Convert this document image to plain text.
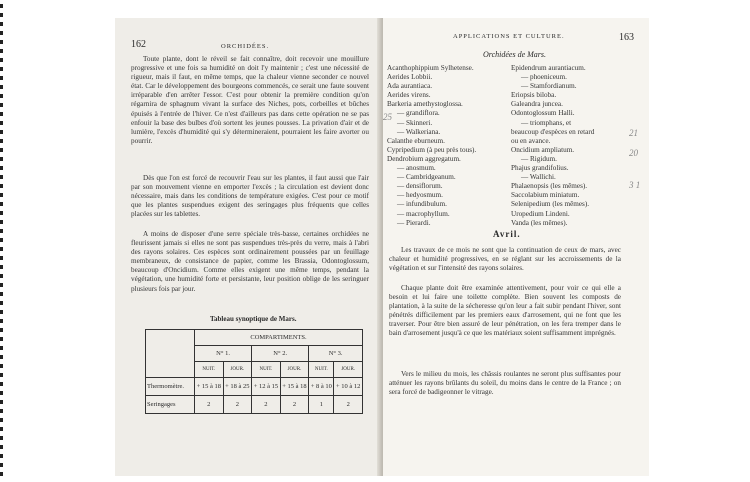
162	ORCHIDÉES.

Toute plante, dont le réveil se fait connaître, doit recevoir une mouillure progressive et une fois sa humidité on doit l'y maintenir ; c'est une nécessité de rigueur, mais il faut, en même temps, que la chaleur vienne seconder ce nouvel état. Car le développement des bourgeons commencés, ce serait une faute souvent irréparable d'en arrêter l'essor. C'est pour obtenir la première condition qu'on régarnira de sphagnum vivant la surface des Niches, pots, corbeilles et bûches épuisés à l'entrée de l'hiver. Ce n'est d'ailleurs pas dans cette opération ne se pas enfouir la base des bulbes d'où sortent les jeunes pousses. La privation d'air et de lumière, l'excès d'humidité qui s'y détermineraient, pourraient les faire avorter ou pourrir.

Dès que l'on est forcé de recouvrir l'eau sur les plantes, il faut aussi que l'air par son mouvement vienne en emporter l'excès ; la circulation est devient donc nécessaire, mais dans les conditions de température exigées. C'est pour ce motif que les plantes suspendues exigent des seringages plus fréquents que celles placées sur les tablettes.

A moins de disposer d'une serre spéciale très-basse, certaines orchidées ne fleurissent jamais si elles ne sont pas suspendues très-près du verre, mais à l'abri des rayons solaires. Ces espèces sont ordinairement poussées par un feuillage membraneux, de consistance de papier, comme les Brassia, Odontoglossum, beaucoup d'Oncidium. Comme elles exigent une même temps, pendant la végétation, une humidité forte et persistante, leur position oblige de les seringuer plusieurs fois par jour.

Tableau synoptique de Mars.
	COMPARTIMENTS.					
	N° 1.		N° 2.		N° 3.	
	NUIT.	JOUR.	NUIT.	JOUR.	NUIT.	JOUR.
Thermomètre.	+ 15 à 18	+ 18 à 25	+ 12 à 15	+ 15 à 18	+ 8 à 10	+ 10 à 12
Seringages	2	2	2	2	1	2
APPLICATIONS ET CULTURE.	163
Orchidées de Mars.
Acanthophippium Sylhetense.
Aerides Lobbii.
Ada aurantiaca.
Aerides virens.
Barkeria amethystoglossa.
— grandiflora.
— Skinneri.
— Walkeriana.
Calanthe eburneum.
Cypripedium (à peu près tous).
Dendrobium aggregatum.
— anosmum.
— Cambridgeanum.
— densiflorum.
— hedyosmum.
— infundibulum.
— macrophyllum.
— Pierardi.
Epidendrum aurantiacum.
— phoeniceum.
— Stamfordianum.
Eriopsis biloba.
Galeandra juncea.
Odontoglossum Halli.
— triomphans, et
beaucoup d'espèces en retard
ou en avance.
Oncidium ampliatum.
— Rigidum.
Phajus grandifolius.
— Wallichi.
Phalaenopsis (les mêmes).
Saccolabium miniatum.
Selenipedium (les mêmes).
Uropedium Lindeni.
Vanda (les mêmes).
Avril.

Les travaux de ce mois ne sont que la continuation de ceux de mars, avec chaleur et humidité progressives, en se réglant sur les accroissements de la végétation et sur l'intensité des rayons solaires.

Chaque plante doit être examinée attentivement, pour voir ce qui elle a besoin et lui faire une toilette complète. Bien souvent les composts de plantation, à la suite de la sécheresse qu'on leur a fait subir pendant l'hiver, sont pénétrés difficilement par les premiers eaux d'arrosement, qui ne font que les traverser. Pour être bien assuré de leur pénétration, on les fera tremper dans le bain d'arrosement jusqu'à ce que les matériaux soient suffisamment imprégnés.

Vers le milieu du mois, les châssis roulantes ne seront plus suffisantes pour atténuer les rayons brûlants du soleil, du moins dans le centre de la France ; on sera forcé de badigeonner le vitrage.

25
21
20
3 1
